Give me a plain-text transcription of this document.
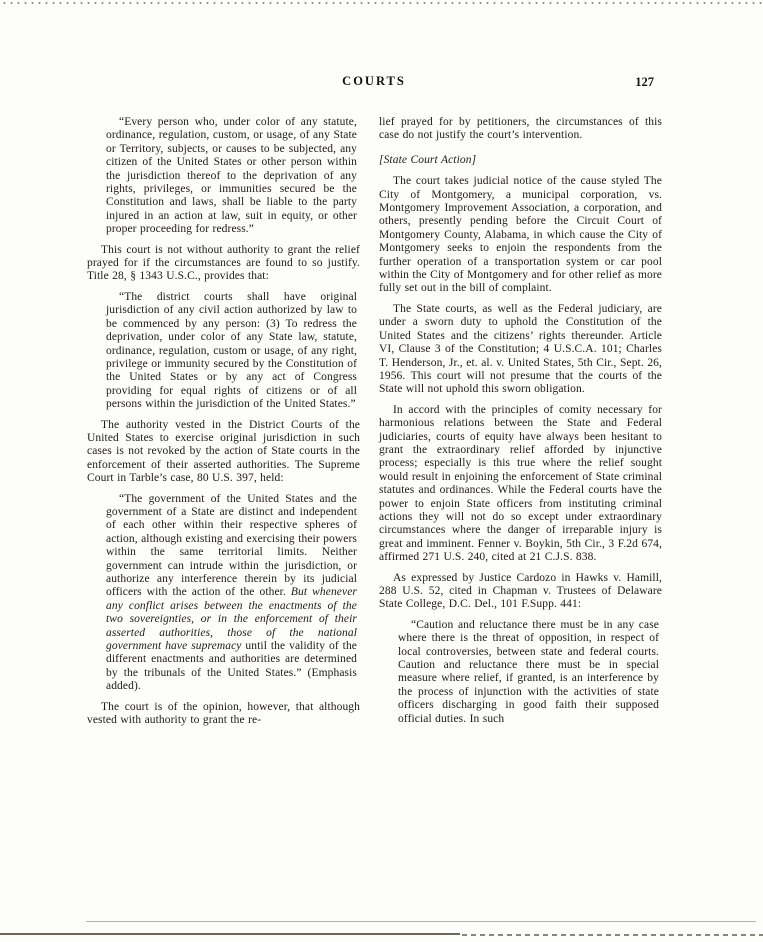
COURTS	127

“Every person who, under color of any statute, ordinance, regulation, custom, or usage, of any State or Territory, subjects, or causes to be subjected, any citizen of the United States or other person within the jurisdiction thereof to the deprivation of any rights, privileges, or immunities secured be the Constitution and laws, shall be liable to the party injured in an action at law, suit in equity, or other proper proceeding for redress.”

This court is not without authority to grant the relief prayed for if the circumstances are found to so justify. Title 28, § 1343 U.S.C., provides that:

“The district courts shall have original jurisdiction of any civil action authorized by law to be commenced by any person: (3) To redress the deprivation, under color of any State law, statute, ordinance, regulation, custom or usage, of any right, privilege or immunity secured by the Constitution of the United States or by any act of Congress providing for equal rights of citizens or of all persons within the jurisdiction of the United States.”

The authority vested in the District Courts of the United States to exercise original jurisdiction in such cases is not revoked by the action of State courts in the enforcement of their asserted authorities. The Supreme Court in Tarble’s case, 80 U.S. 397, held:

“The government of the United States and the government of a State are distinct and independent of each other within their respective spheres of action, although existing and exercising their powers within the same territorial limits. Neither government can intrude within the jurisdiction, or authorize any interference therein by its judicial officers with the action of the other. But whenever any conflict arises between the enactments of the two sovereignties, or in the enforcement of their asserted authorities, those of the national government have supremacy until the validity of the different enactments and authorities are determined by the tribunals of the United States.” (Emphasis added).

The court is of the opinion, however, that although vested with authority to grant the re-

lief prayed for by petitioners, the circumstances of this case do not justify the court’s intervention.

[State Court Action]

The court takes judicial notice of the cause styled The City of Montgomery, a municipal corporation, vs. Montgomery Improvement Association, a corporation, and others, presently pending before the Circuit Court of Montgomery County, Alabama, in which cause the City of Montgomery seeks to enjoin the respondents from the further operation of a transportation system or car pool within the City of Montgomery and for other relief as more fully set out in the bill of complaint.

The State courts, as well as the Federal judiciary, are under a sworn duty to uphold the Constitution of the United States and the citizens’ rights thereunder. Article VI, Clause 3 of the Constitution; 4 U.S.C.A. 101; Charles T. Henderson, Jr., et. al. v. United States, 5th Cir., Sept. 26, 1956. This court will not presume that the courts of the State will not uphold this sworn obligation.

In accord with the principles of comity necessary for harmonious relations between the State and Federal judiciaries, courts of equity have always been hesitant to grant the extraordinary relief afforded by injunctive process; especially is this true where the relief sought would result in enjoining the enforcement of State criminal statutes and ordinances. While the Federal courts have the power to enjoin State officers from instituting criminal actions they will not do so except under extraordinary circumstances where the danger of irreparable injury is great and imminent. Fenner v. Boykin, 5th Cir., 3 F.2d 674, affirmed 271 U.S. 240, cited at 21 C.J.S. 838.

As expressed by Justice Cardozo in Hawks v. Hamill, 288 U.S. 52, cited in Chapman v. Trustees of Delaware State College, D.C. Del., 101 F.Supp. 441:

“Caution and reluctance there must be in any case where there is the threat of opposition, in respect of local controversies, between state and federal courts. Caution and reluctance there must be in special measure where relief, if granted, is an interference by the process of injunction with the activities of state officers discharging in good faith their supposed official duties. In such
